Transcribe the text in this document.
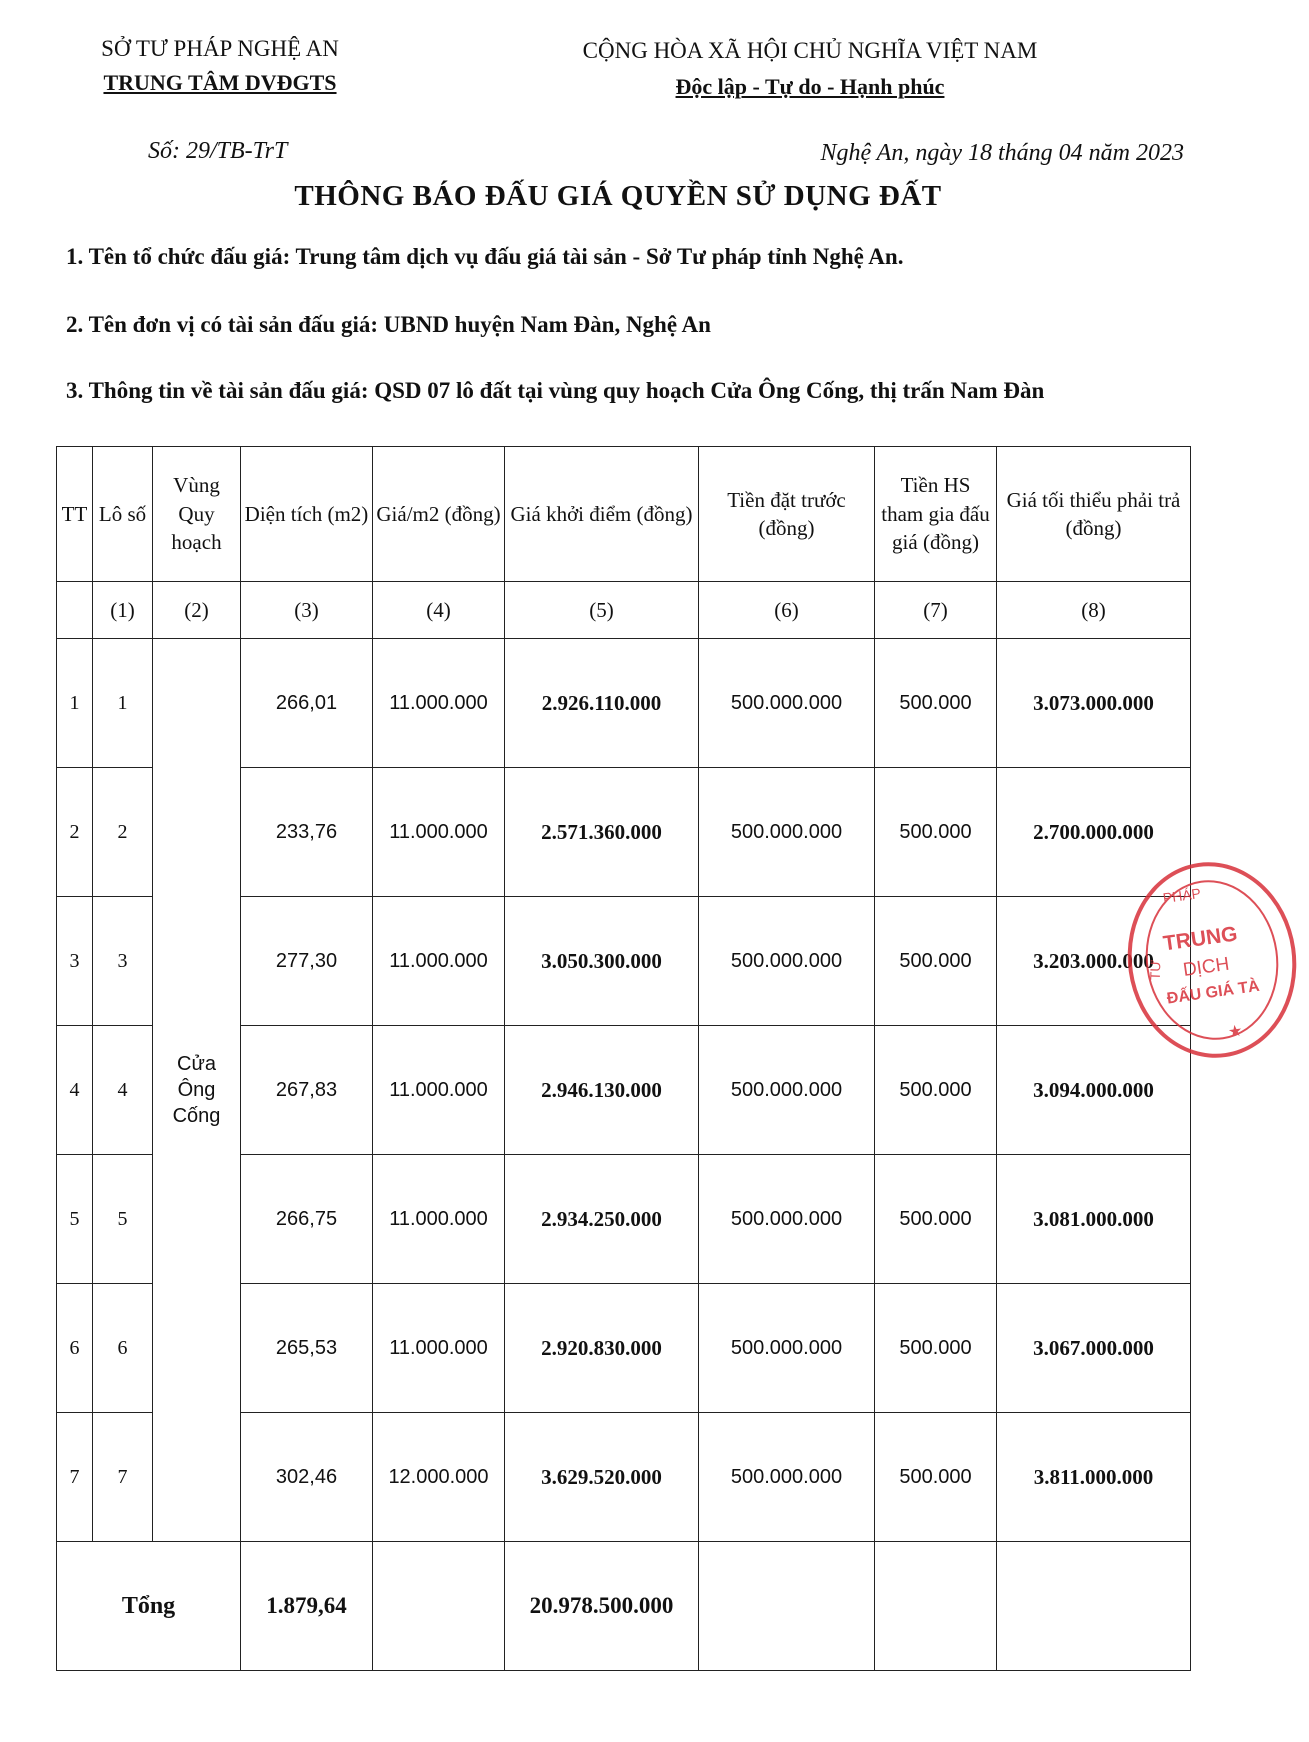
SỞ TƯ PHÁP NGHỆ AN
TRUNG TÂM DVĐGTS
CỘNG HÒA XÃ HỘI CHỦ NGHĨA VIỆT NAM
Độc lập - Tự do - Hạnh phúc
Số: 29/TB-TrT	Nghệ An, ngày 18 tháng 04 năm 2023
THÔNG BÁO ĐẤU GIÁ QUYỀN SỬ DỤNG ĐẤT
1. Tên tổ chức đấu giá: Trung tâm dịch vụ đấu giá tài sản - Sở Tư pháp tỉnh Nghệ An.
2. Tên đơn vị có tài sản đấu giá: UBND huyện Nam Đàn, Nghệ An
3. Thông tin về tài sản đấu giá: QSD 07 lô đất tại vùng quy hoạch Cửa Ông Cống, thị trấn Nam Đàn
TT	Lô số	Vùng Quy hoạch	Diện tích (m2)	Giá/m2 (đồng)	Giá khởi điểm (đồng)	Tiền đặt trước (đồng)	Tiền HS tham gia đấu giá (đồng)	Giá tối thiểu phải trả (đồng)
	(1)	(2)	(3)	(4)	(5)	(6)	(7)	(8)
1	1	Cửa Ông Cống	266,01	11.000.000	2.926.110.000	500.000.000	500.000	3.073.000.000
2	2		233,76	11.000.000	2.571.360.000	500.000.000	500.000	2.700.000.000
3	3		277,30	11.000.000	3.050.300.000	500.000.000	500.000	3.203.000.000
4	4		267,83	11.000.000	2.946.130.000	500.000.000	500.000	3.094.000.000
5	5		266,75	11.000.000	2.934.250.000	500.000.000	500.000	3.081.000.000
6	6		265,53	11.000.000	2.920.830.000	500.000.000	500.000	3.067.000.000
7	7		302,46	12.000.000	3.629.520.000	500.000.000	500.000	3.811.000.000
Tổng			1.879,64		20.978.500.000			
PHÁP
TƯ
TRUNG
DỊCH
ĐẤU GIÁ TÀ
★
